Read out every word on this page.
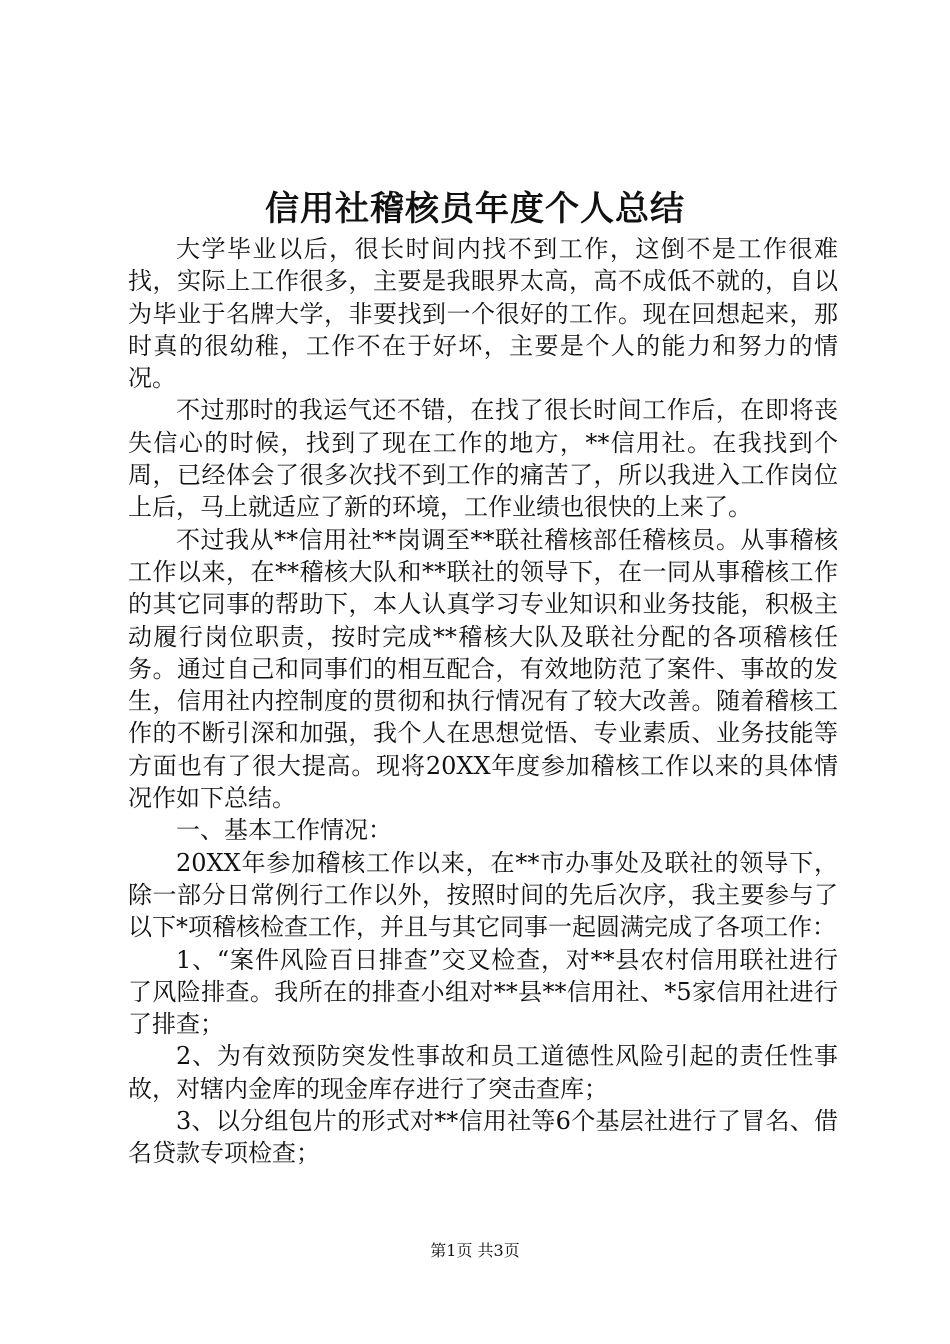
信用社稽核员年度个人总结

大学毕业以后，很长时间内找不到工作，这倒不是工作很难找，实际上工作很多，主要是我眼界太高，高不成低不就的，自以为毕业于名牌大学，非要找到一个很好的工作。现在回想起来，那时真的很幼稚，工作不在于好坏，主要是个人的能力和努力的情况。

不过那时的我运气还不错，在找了很长时间工作后，在即将丧失信心的时候，找到了现在工作的地方，**信用社。在我找到个周，已经体会了很多次找不到工作的痛苦了，所以我进入工作岗位上后，马上就适应了新的环境，工作业绩也很快的上来了。

不过我从**信用社**岗调至**联社稽核部任稽核员。从事稽核工作以来，在**稽核大队和**联社的领导下，在一同从事稽核工作的其它同事的帮助下，本人认真学习专业知识和业务技能，积极主动履行岗位职责，按时完成**稽核大队及联社分配的各项稽核任务。通过自己和同事们的相互配合，有效地防范了案件、事故的发生，信用社内控制度的贯彻和执行情况有了较大改善。随着稽核工作的不断引深和加强，我个人在思想觉悟、专业素质、业务技能等方面也有了很大提高。现将20XX年度参加稽核工作以来的具体情况作如下总结。

一、基本工作情况：

20XX年参加稽核工作以来，在**市办事处及联社的领导下，除一部分日常例行工作以外，按照时间的先后次序，我主要参与了以下*项稽核检查工作，并且与其它同事一起圆满完成了各项工作：

1、“案件风险百日排查”交叉检查，对**县农村信用联社进行了风险排查。我所在的排查小组对**县**信用社、*5家信用社进行了排查；

2、为有效预防突发性事故和员工道德性风险引起的责任性事故，对辖内金库的现金库存进行了突击查库；

3、以分组包片的形式对**信用社等6个基层社进行了冒名、借名贷款专项检查；

第1页 共3页
